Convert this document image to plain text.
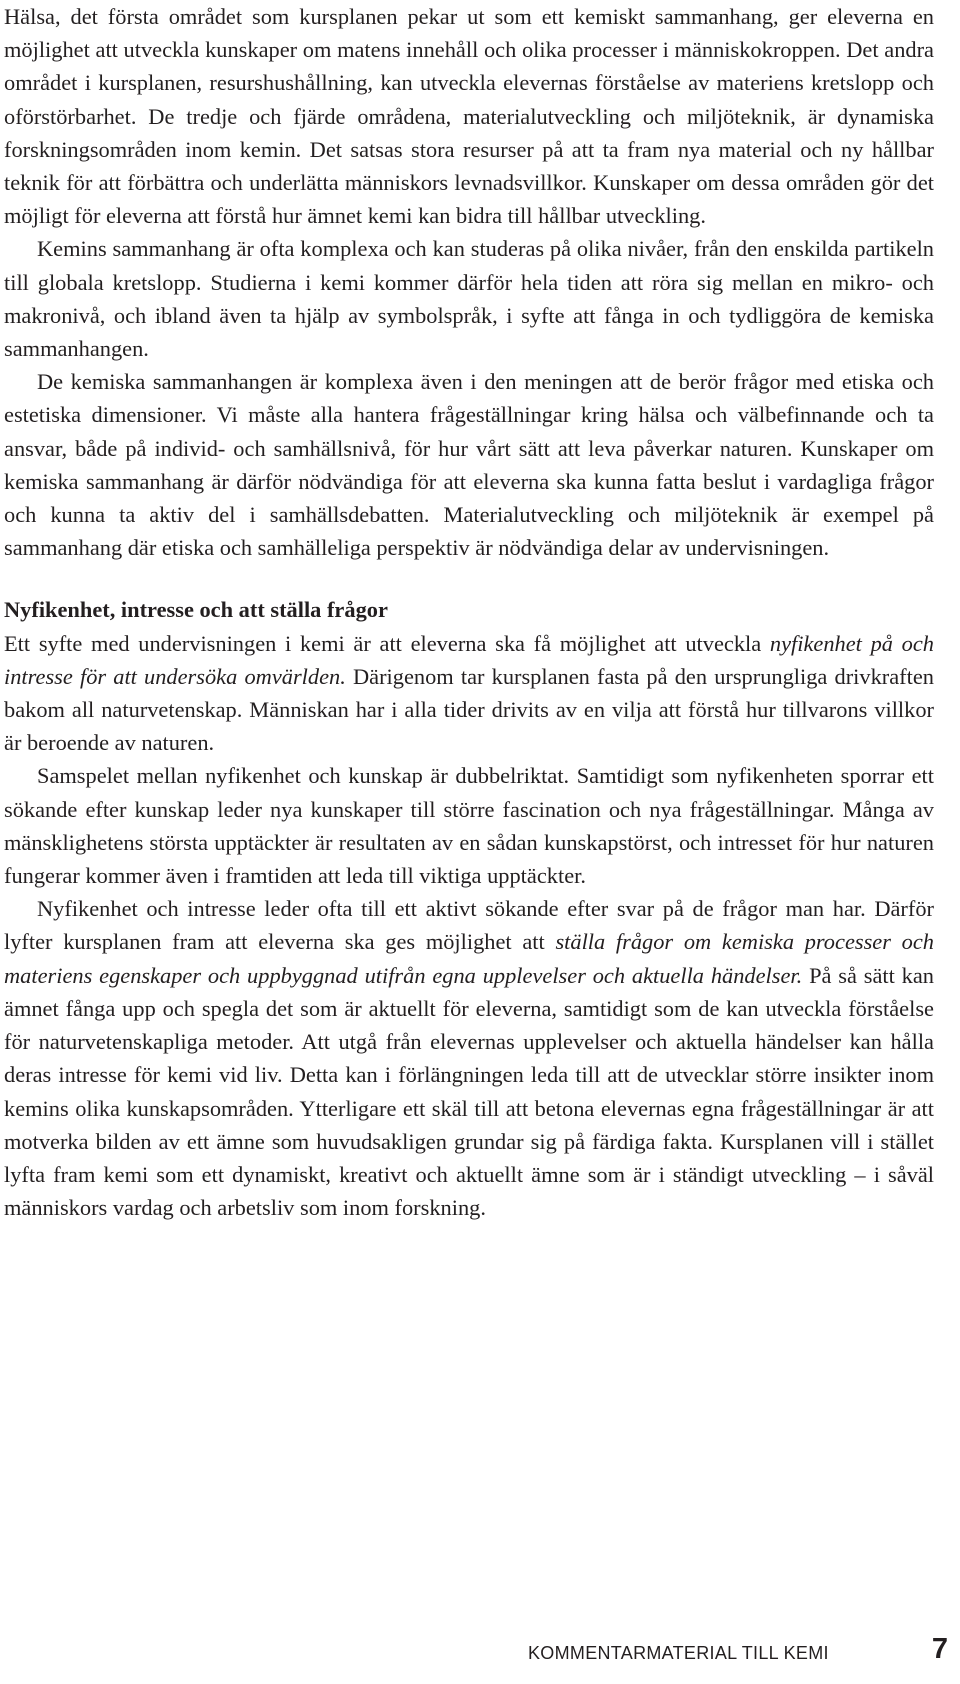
Hälsa, det första området som kursplanen pekar ut som ett kemiskt sammanhang, ger eleverna en möjlighet att utveckla kunskaper om matens innehåll och olika processer i människokroppen. Det andra området i kursplanen, resurshushållning, kan utveckla elevernas förståelse av materiens kretslopp och oförstörbarhet. De tredje och fjärde områdena, materialutveckling och miljöteknik, är dynamiska forskningsområden inom kemin. Det satsas stora resurser på att ta fram nya material och ny hållbar teknik för att förbättra och underlätta människors levnadsvillkor. Kunskaper om dessa områden gör det möjligt för eleverna att förstå hur ämnet kemi kan bidra till hållbar utveckling.

Kemins sammanhang är ofta komplexa och kan studeras på olika nivåer, från den enskilda partikeln till globala kretslopp. Studierna i kemi kommer därför hela tiden att röra sig mellan en mikro- och makronivå, och ibland även ta hjälp av symbolspråk, i syfte att fånga in och tydliggöra de kemiska sammanhangen.

De kemiska sammanhangen är komplexa även i den meningen att de berör frågor med etiska och estetiska dimensioner. Vi måste alla hantera frågeställningar kring hälsa och välbefinnande och ta ansvar, både på individ- och samhällsnivå, för hur vårt sätt att leva påverkar naturen. Kunskaper om kemiska sammanhang är därför nödvändiga för att eleverna ska kunna fatta beslut i vardagliga frågor och kunna ta aktiv del i samhällsdebatten. Materialutveckling och miljöteknik är exempel på sammanhang där etiska och samhälleliga perspektiv är nödvändiga delar av undervisningen.

Nyfikenhet, intresse och att ställa frågor

Ett syfte med undervisningen i kemi är att eleverna ska få möjlighet att utveckla nyfikenhet på och intresse för att undersöka omvärlden. Därigenom tar kursplanen fasta på den ursprungliga drivkraften bakom all naturvetenskap. Människan har i alla tider drivits av en vilja att förstå hur tillvarons villkor är beroende av naturen.

Samspelet mellan nyfikenhet och kunskap är dubbelriktat. Samtidigt som nyfikenheten sporrar ett sökande efter kunskap leder nya kunskaper till större fascination och nya frågeställningar. Många av mänsklighetens största upptäckter är resultaten av en sådan kunskapstörst, och intresset för hur naturen fungerar kommer även i framtiden att leda till viktiga upptäckter.

Nyfikenhet och intresse leder ofta till ett aktivt sökande efter svar på de frågor man har. Därför lyfter kursplanen fram att eleverna ska ges möjlighet att ställa frågor om kemiska processer och materiens egenskaper och uppbyggnad utifrån egna upplevelser och aktuella händelser. På så sätt kan ämnet fånga upp och spegla det som är aktuellt för eleverna, samtidigt som de kan utveckla förståelse för naturvetenskapliga metoder. Att utgå från elevernas upplevelser och aktuella händelser kan hålla deras intresse för kemi vid liv. Detta kan i förlängningen leda till att de utvecklar större insikter inom kemins olika kunskapsområden. Ytterligare ett skäl till att betona elevernas egna frågeställningar är att motverka bilden av ett ämne som huvudsakligen grundar sig på färdiga fakta. Kursplanen vill i stället lyfta fram kemi som ett dynamiskt, kreativt och aktuellt ämne som är i ständigt utveckling – i såväl människors vardag och arbetsliv som inom forskning.

KOMMENTARMATERIAL TILL KEMI	7
